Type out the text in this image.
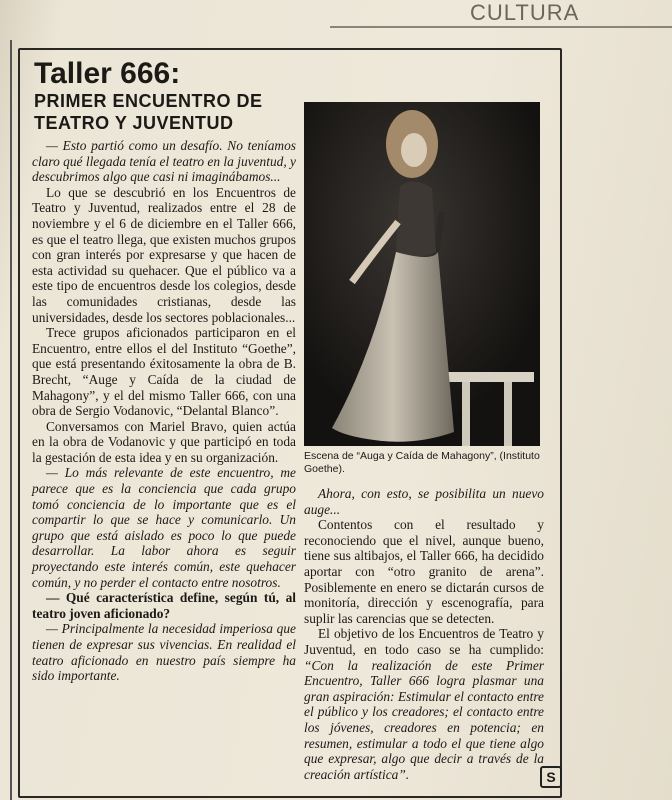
CULTURA
Taller 666:
PRIMER ENCUENTRO DE TEATRO Y JUVENTUD

— Esto partió como un desafío. No teníamos claro qué llegada tenía el teatro en la juventud, y descubrimos algo que casi ni imaginábamos...

Lo que se descubrió en los Encuentros de Teatro y Juventud, realizados entre el 28 de noviembre y el 6 de diciembre en el Taller 666, es que el teatro llega, que existen muchos grupos con gran interés por expresarse y que hacen de esta actividad su quehacer. Que el público va a este tipo de encuentros desde los colegios, desde las comunidades cristianas, desde las universidades, desde los sectores poblacionales...

Trece grupos aficionados participaron en el Encuentro, entre ellos el del Instituto “Goethe”, que está presentando éxitosamente la obra de B. Brecht, “Auge y Caída de la ciudad de Mahagony”, y el del mismo Taller 666, con una obra de Sergio Vodanovic, “Delantal Blanco”.

Conversamos con Mariel Bravo, quien actúa en la obra de Vodanovic y que participó en toda la gestación de esta idea y en su organización.

— Lo más relevante de este encuentro, me parece que es la conciencia que cada grupo tomó conciencia de lo importante que es el compartir lo que se hace y comunicarlo. Un grupo que está aislado es poco lo que puede desarrollar. La labor ahora es seguir proyectando este interés común, este quehacer común, y no perder el contacto entre nosotros.

— Qué característica define, según tú, al teatro joven aficionado?

— Principalmente la necesidad imperiosa que tienen de expresar sus vivencias. En realidad el teatro aficionado en nuestro país siempre ha sido importante.

Escena de “Auga y Caída de Mahagony”, (Instituto Goethe).

Ahora, con esto, se posibilita un nuevo auge...

Contentos con el resultado y reconociendo que el nivel, aunque bueno, tiene sus altibajos, el Taller 666, ha decidido aportar con “otro granito de arena”. Posiblemente en enero se dictarán cursos de monitoría, dirección y escenografía, para suplir las carencias que se detecten.

El objetivo de los Encuentros de Teatro y Juventud, en todo caso se ha cumplido: “Con la realización de este Primer Encuentro, Taller 666 logra plasmar una gran aspiración: Estimular el contacto entre el público y los creadores; el contacto entre los jóvenes, creadores en potencia; en resumen, estimular a todo el que tiene algo que expresar, algo que decir a través de la creación artística”.	S
